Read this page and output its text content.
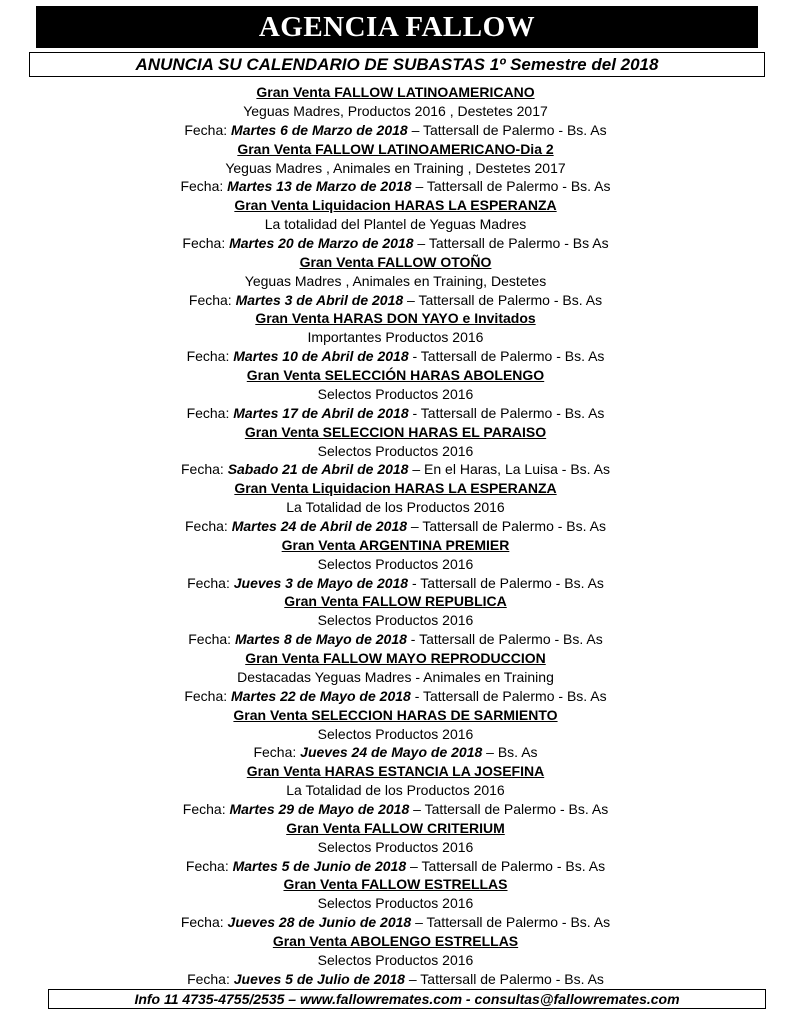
AGENCIA FALLOW
ANUNCIA SU CALENDARIO DE SUBASTAS 1º Semestre del 2018
Gran Venta FALLOW LATINOAMERICANO
Yeguas Madres, Productos 2016 , Destetes 2017
Fecha: Martes 6 de Marzo de 2018 – Tattersall de Palermo - Bs. As
Gran Venta FALLOW LATINOAMERICANO-Dia 2
Yeguas Madres , Animales en Training , Destetes 2017
Fecha: Martes 13 de Marzo de 2018 – Tattersall de Palermo - Bs. As
Gran Venta Liquidacion HARAS LA ESPERANZA
La totalidad del Plantel de Yeguas Madres
Fecha: Martes 20 de Marzo de 2018 – Tattersall de Palermo - Bs As
Gran Venta FALLOW OTOÑO
Yeguas Madres , Animales en Training, Destetes
Fecha: Martes 3 de Abril de 2018 – Tattersall de Palermo - Bs. As
Gran Venta HARAS DON YAYO e Invitados
Importantes Productos 2016
Fecha: Martes 10 de Abril de 2018 - Tattersall de Palermo - Bs. As
Gran Venta SELECCIÓN HARAS ABOLENGO
Selectos Productos 2016
Fecha: Martes 17 de Abril de 2018 - Tattersall de Palermo - Bs. As
Gran Venta SELECCION HARAS EL PARAISO
Selectos Productos 2016
Fecha: Sabado 21 de Abril de 2018 – En el Haras, La Luisa - Bs. As
Gran Venta Liquidacion HARAS LA ESPERANZA
La Totalidad de los Productos 2016
Fecha: Martes 24 de Abril de 2018 – Tattersall de Palermo - Bs. As
Gran Venta ARGENTINA PREMIER
Selectos Productos 2016
Fecha: Jueves 3 de Mayo de 2018 - Tattersall de Palermo - Bs. As
Gran Venta FALLOW REPUBLICA
Selectos Productos 2016
Fecha: Martes 8 de Mayo de 2018 - Tattersall de Palermo - Bs. As
Gran Venta FALLOW MAYO REPRODUCCION
Destacadas Yeguas Madres - Animales en Training
Fecha: Martes 22 de Mayo de 2018 - Tattersall de Palermo - Bs. As
Gran Venta SELECCION HARAS DE SARMIENTO
Selectos Productos 2016
Fecha: Jueves 24 de Mayo de 2018 – Bs. As
Gran Venta HARAS ESTANCIA LA JOSEFINA
La Totalidad de los Productos 2016
Fecha: Martes 29 de Mayo de 2018 – Tattersall de Palermo - Bs. As
Gran Venta FALLOW CRITERIUM
Selectos Productos 2016
Fecha: Martes 5 de Junio de 2018 – Tattersall de Palermo - Bs. As
Gran Venta FALLOW ESTRELLAS
Selectos Productos 2016
Fecha: Jueves 28 de Junio de 2018 – Tattersall de Palermo - Bs. As
Gran Venta ABOLENGO ESTRELLAS
Selectos Productos 2016
Fecha: Jueves 5 de Julio de 2018 – Tattersall de Palermo - Bs. As
Info 11 4735-4755/2535 – www.fallowremates.com - consultas@fallowremates.com
